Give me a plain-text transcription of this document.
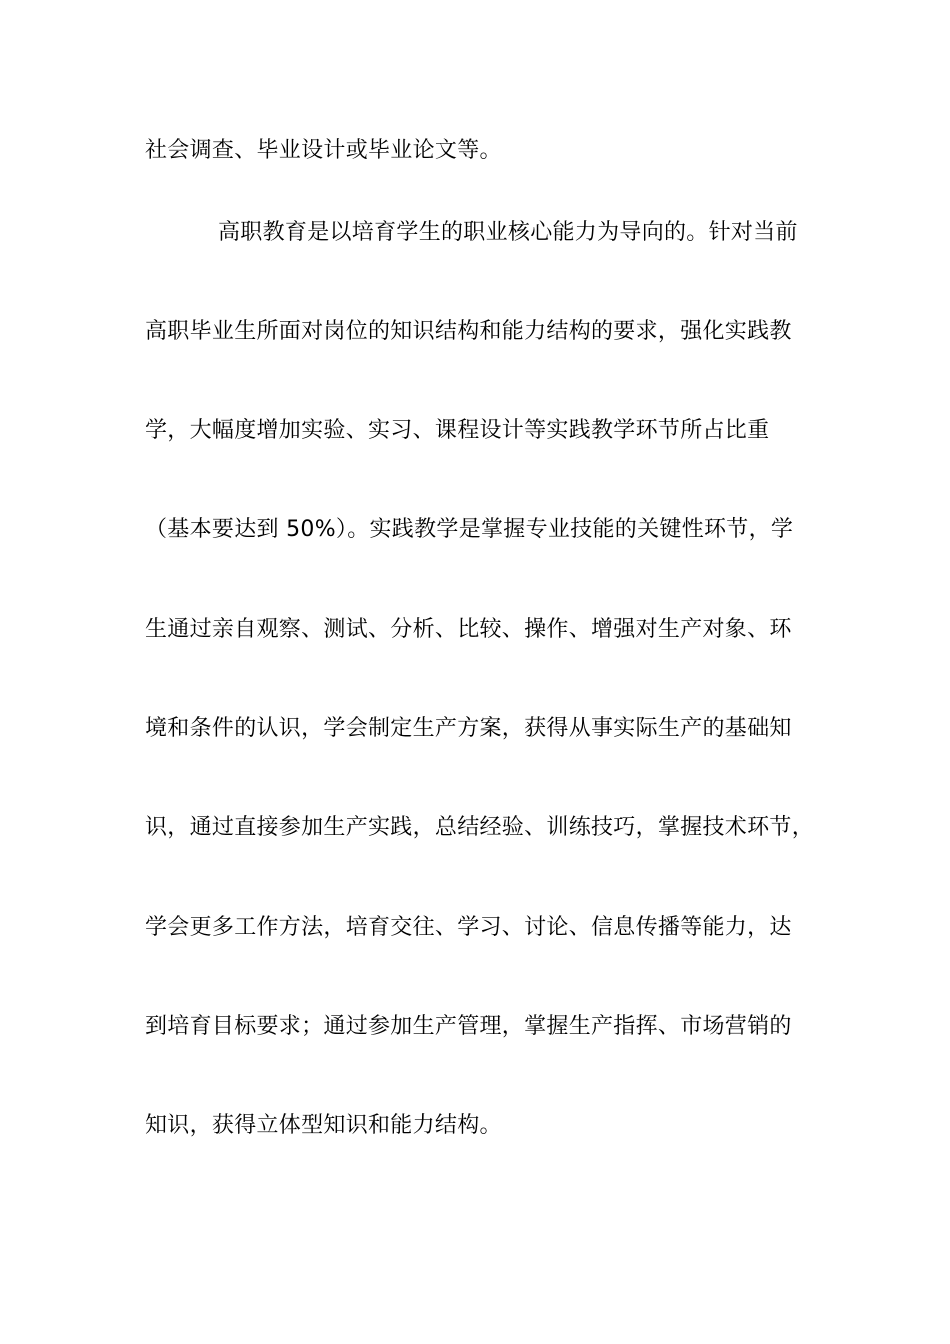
社会调查、毕业设计或毕业论文等。
高职教育是以培育学生的职业核心能力为导向的。针对当前
高职毕业生所面对岗位的知识结构和能力结构的要求，强化实践教
学，大幅度增加实验、实习、课程设计等实践教学环节所占比重
（基本要达到 50%）。实践教学是掌握专业技能的关键性环节，学
生通过亲自观察、测试、分析、比较、操作、增强对生产对象、环
境和条件的认识，学会制定生产方案，获得从事实际生产的基础知
识，通过直接参加生产实践，总结经验、训练技巧，掌握技术环节，
学会更多工作方法，培育交往、学习、讨论、信息传播等能力，达
到培育目标要求；通过参加生产管理，掌握生产指挥、市场营销的
知识，获得立体型知识和能力结构。
